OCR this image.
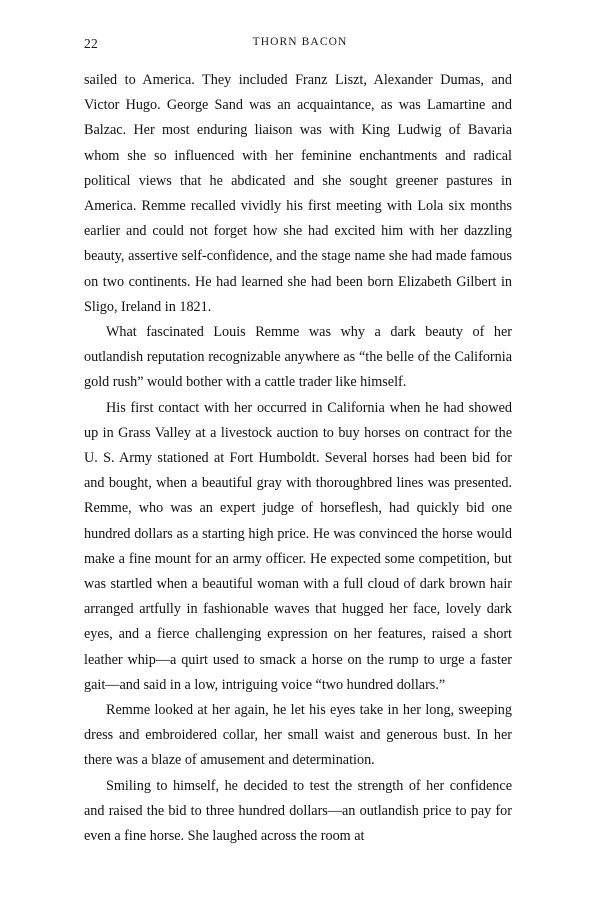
22	THORN BACON

sailed to America. They included Franz Liszt, Alexander Dumas, and Victor Hugo. George Sand was an acquaintance, as was Lamartine and Balzac. Her most enduring liaison was with King Ludwig of Bavaria whom she so influenced with her feminine enchantments and radical political views that he abdicated and she sought greener pastures in America. Remme recalled vividly his first meeting with Lola six months earlier and could not forget how she had excited him with her dazzling beauty, assertive self-confidence, and the stage name she had made famous on two continents. He had learned she had been born Elizabeth Gilbert in Sligo, Ireland in 1821.

What fascinated Louis Remme was why a dark beauty of her outlandish reputation recognizable anywhere as “the belle of the California gold rush” would bother with a cattle trader like himself.

His first contact with her occurred in California when he had showed up in Grass Valley at a livestock auction to buy horses on contract for the U. S. Army stationed at Fort Humboldt. Several horses had been bid for and bought, when a beautiful gray with thoroughbred lines was presented. Remme, who was an expert judge of horseflesh, had quickly bid one hundred dollars as a starting high price. He was convinced the horse would make a fine mount for an army officer. He expected some competition, but was startled when a beautiful woman with a full cloud of dark brown hair arranged artfully in fashionable waves that hugged her face, lovely dark eyes, and a fierce challenging expression on her features, raised a short leather whip—a quirt used to smack a horse on the rump to urge a faster gait—and said in a low, intriguing voice “two hundred dollars.”

Remme looked at her again, he let his eyes take in her long, sweeping dress and embroidered collar, her small waist and generous bust. In her there was a blaze of amusement and determination.

Smiling to himself, he decided to test the strength of her confidence and raised the bid to three hundred dollars—an outlandish price to pay for even a fine horse. She laughed across the room at
